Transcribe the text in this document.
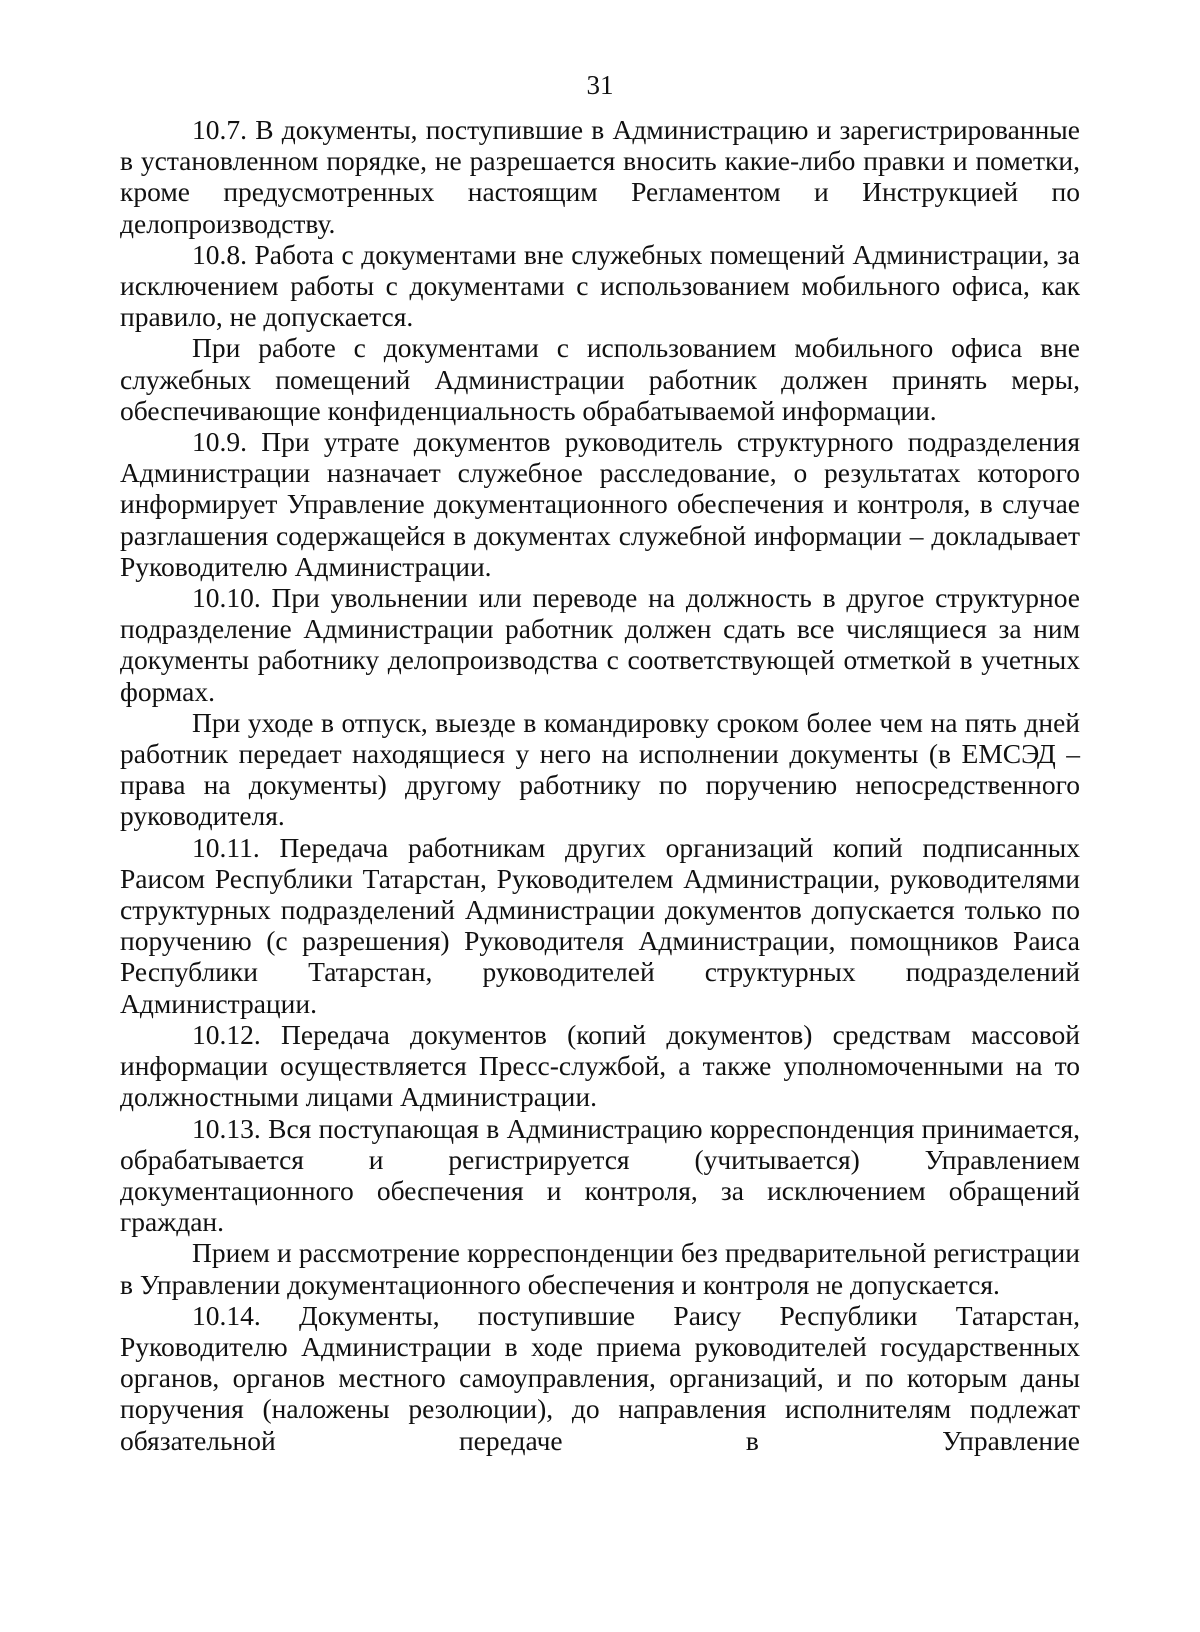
31

10.7. В документы, поступившие в Администрацию и зарегистрированные в установленном порядке, не разрешается вносить какие-либо правки и пометки, кроме предусмотренных настоящим Регламентом и Инструкцией по делопроизводству.

10.8. Работа с документами вне служебных помещений Администрации, за исключением работы с документами с использованием мобильного офиса, как правило, не допускается.

При работе с документами с использованием мобильного офиса вне служебных помещений Администрации работник должен принять меры, обеспечивающие конфиденциальность обрабатываемой информации.

10.9. При утрате документов руководитель структурного подразделения Администрации назначает служебное расследование, о результатах которого информирует Управление документационного обеспечения и контроля, в случае разглашения содержащейся в документах служебной информации – докладывает Руководителю Администрации.

10.10. При увольнении или переводе на должность в другое структурное подразделение Администрации работник должен сдать все числящиеся за ним документы работнику делопроизводства с соответствующей отметкой в учетных формах.

При уходе в отпуск, выезде в командировку сроком более чем на пять дней работник передает находящиеся у него на исполнении документы (в ЕМСЭД – права на документы) другому работнику по поручению непосредственного руководителя.

10.11. Передача работникам других организаций копий подписанных Раисом Республики Татарстан, Руководителем Администрации, руководителями структурных подразделений Администрации документов допускается только по поручению (с разрешения) Руководителя Администрации, помощников Раиса Республики Татарстан, руководителей структурных подразделений Администрации.

10.12. Передача документов (копий документов) средствам массовой информации осуществляется Пресс-службой, а также уполномоченными на то должностными лицами Администрации.

10.13. Вся поступающая в Администрацию корреспонденция принимается, обрабатывается и регистрируется (учитывается) Управлением документационного обеспечения и контроля, за исключением обращений граждан.

Прием и рассмотрение корреспонденции без предварительной регистрации в Управлении документационного обеспечения и контроля не допускается.

10.14. Документы, поступившие Раису Республики Татарстан, Руководителю Администрации в ходе приема руководителей государственных органов, органов местного самоуправления, организаций, и по которым даны поручения (наложены резолюции), до направления исполнителям подлежат обязательной передаче в Управление
